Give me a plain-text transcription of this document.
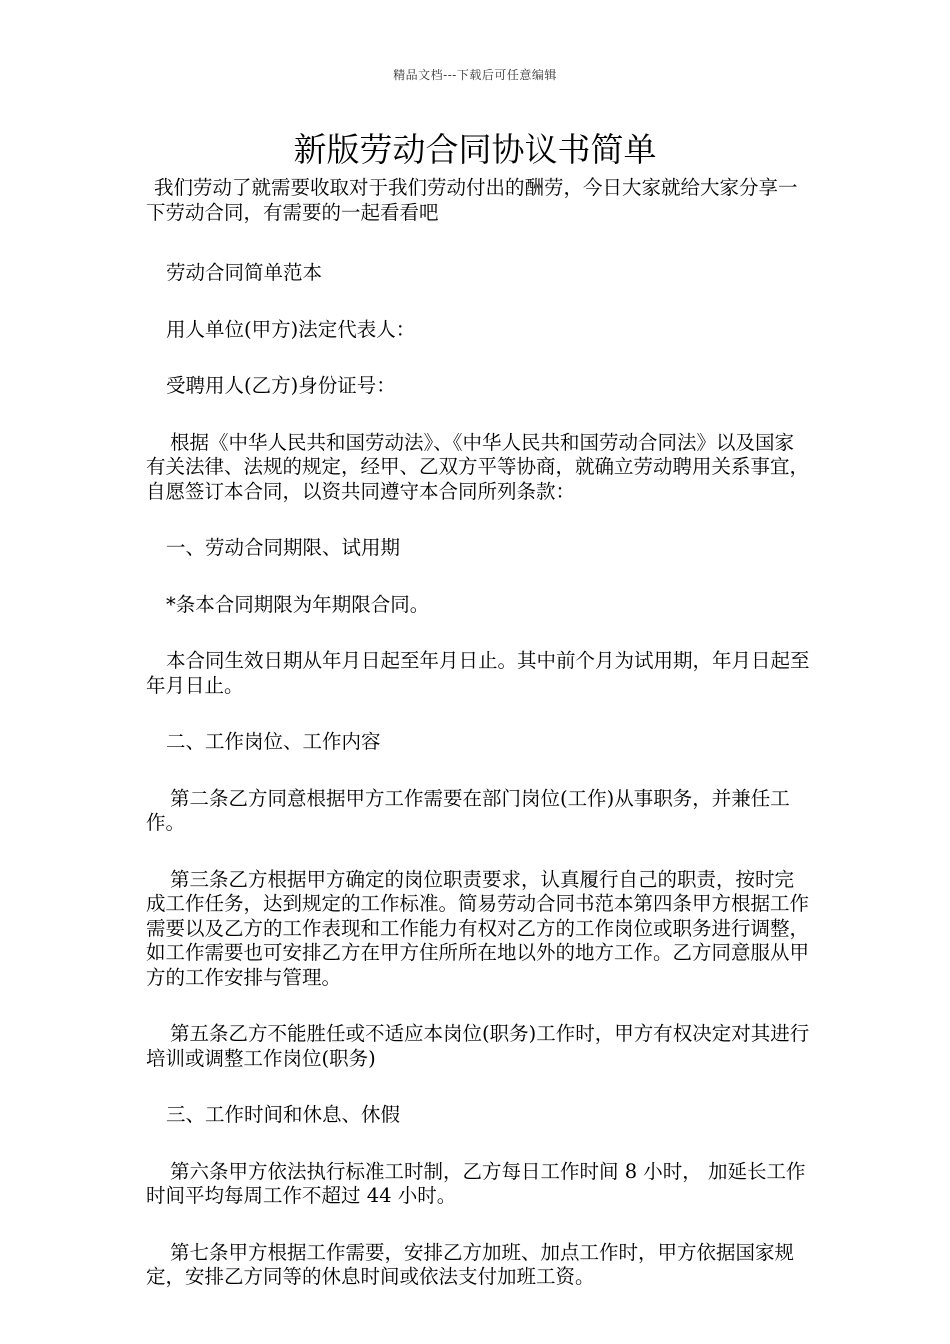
精品文档---下载后可任意编辑
新版劳动合同协议书简单

我们劳动了就需要收取对于我们劳动付出的酬劳，今日大家就给大家分享一下劳动合同，有需要的一起看看吧

劳动合同简单范本

用人单位(甲方)法定代表人：

受聘用人(乙方)身份证号：

根据《中华人民共和国劳动法》、《中华人民共和国劳动合同法》以及国家有关法律、法规的规定，经甲、乙双方平等协商，就确立劳动聘用关系事宜，自愿签订本合同，以资共同遵守本合同所列条款：

一、劳动合同期限、试用期

*条本合同期限为年期限合同。

本合同生效日期从年月日起至年月日止。其中前个月为试用期，年月日起至年月日止。

二、工作岗位、工作内容

第二条乙方同意根据甲方工作需要在部门岗位(工作)从事职务，并兼任工作。

第三条乙方根据甲方确定的岗位职责要求，认真履行自己的职责，按时完成工作任务，达到规定的工作标准。简易劳动合同书范本第四条甲方根据工作需要以及乙方的工作表现和工作能力有权对乙方的工作岗位或职务进行调整，如工作需要也可安排乙方在甲方住所所在地以外的地方工作。乙方同意服从甲方的工作安排与管理。

第五条乙方不能胜任或不适应本岗位(职务)工作时，甲方有权决定对其进行培训或调整工作岗位(职务)

三、工作时间和休息、休假

第六条甲方依法执行标准工时制，乙方每日工作时间 8 小时， 加延长工作时间平均每周工作不超过 44 小时。

第七条甲方根据工作需要，安排乙方加班、加点工作时，甲方依据国家规定，安排乙方同等的休息时间或依法支付加班工资。
